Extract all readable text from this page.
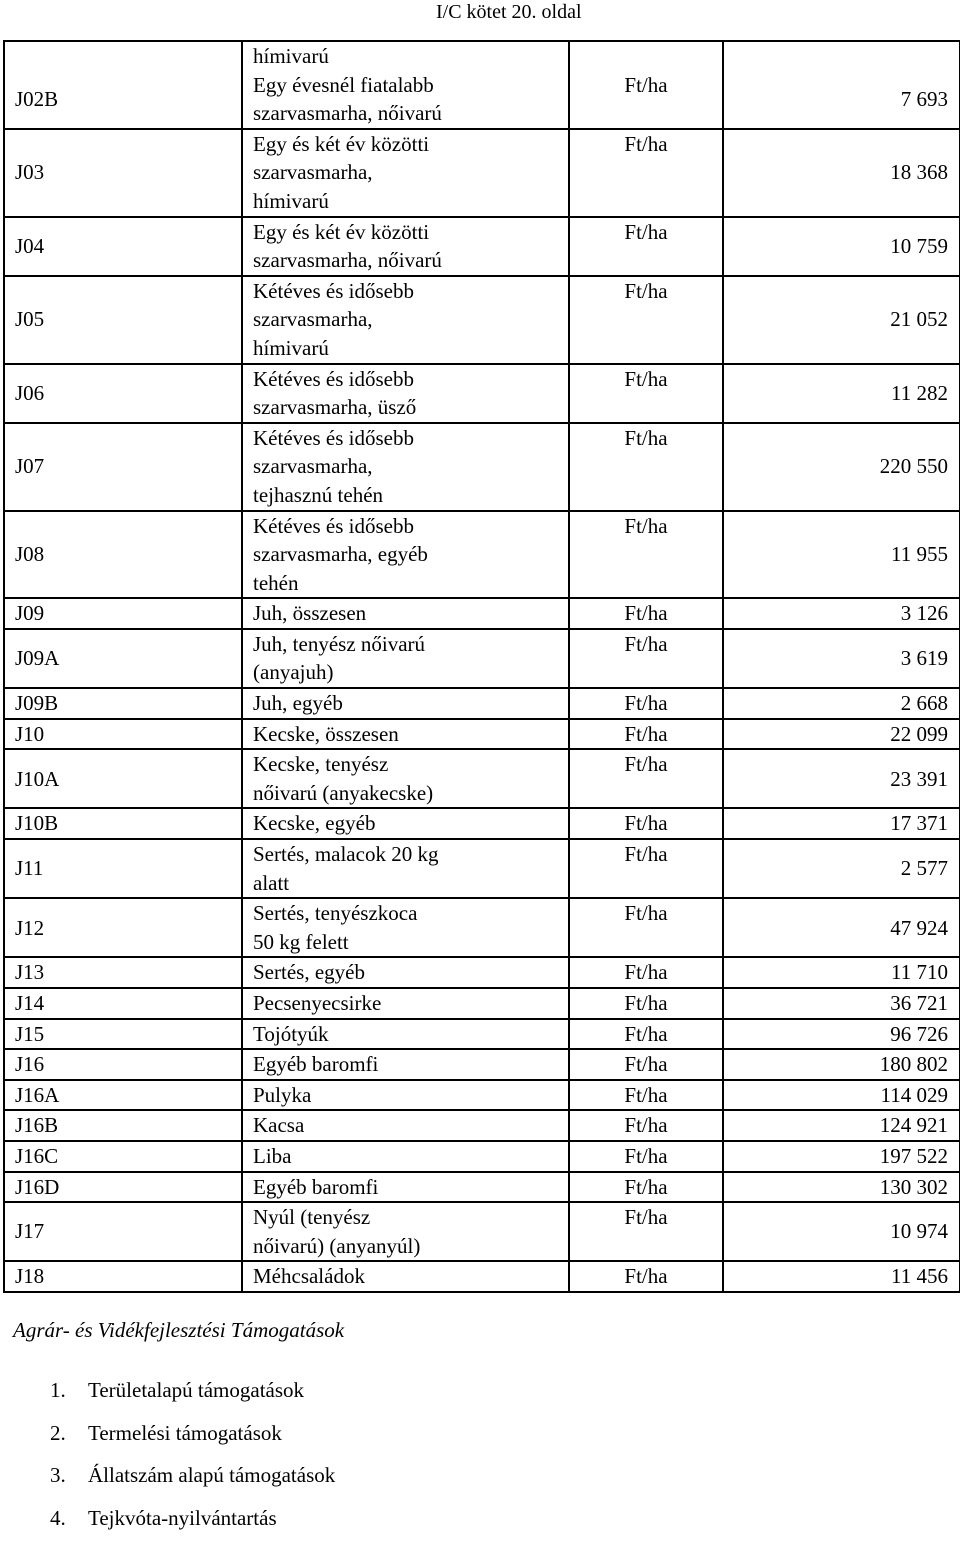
I/C kötet 20. oldal
J02B	hímivarú
Egy évesnél fiatalabb
szarvasmarha, nőivarú	Ft/ha	7 693
J03	Egy és két év közötti
szarvasmarha,
hímivarú	Ft/ha	18 368
J04	Egy és két év közötti
szarvasmarha, nőivarú	Ft/ha	10 759
J05	Kétéves és idősebb
szarvasmarha,
hímivarú	Ft/ha	21 052
J06	Kétéves és idősebb
szarvasmarha, üsző	Ft/ha	11 282
J07	Kétéves és idősebb
szarvasmarha,
tejhasznú tehén	Ft/ha	220 550
J08	Kétéves és idősebb
szarvasmarha, egyéb
tehén	Ft/ha	11 955
J09	Juh, összesen	Ft/ha	3 126
J09A	Juh, tenyész nőivarú
(anyajuh)	Ft/ha	3 619
J09B	Juh, egyéb	Ft/ha	2 668
J10	Kecske, összesen	Ft/ha	22 099
J10A	Kecske, tenyész
nőivarú (anyakecske)	Ft/ha	23 391
J10B	Kecske, egyéb	Ft/ha	17 371
J11	Sertés, malacok 20 kg
alatt	Ft/ha	2 577
J12	Sertés, tenyészkoca
50 kg felett	Ft/ha	47 924
J13	Sertés, egyéb	Ft/ha	11 710
J14	Pecsenyecsirke	Ft/ha	36 721
J15	Tojótyúk	Ft/ha	96 726
J16	Egyéb baromfi	Ft/ha	180 802
J16A	Pulyka	Ft/ha	114 029
J16B	Kacsa	Ft/ha	124 921
J16C	Liba	Ft/ha	197 522
J16D	Egyéb baromfi	Ft/ha	130 302
J17	Nyúl (tenyész
nőivarú) (anyanyúl)	Ft/ha	10 974
J18	Méhcsaládok	Ft/ha	11 456
Agrár- és Vidékfejlesztési Támogatások
1. Területalapú támogatások
2. Termelési támogatások
3. Állatszám alapú támogatások
4. Tejkvóta-nyilvántartás
